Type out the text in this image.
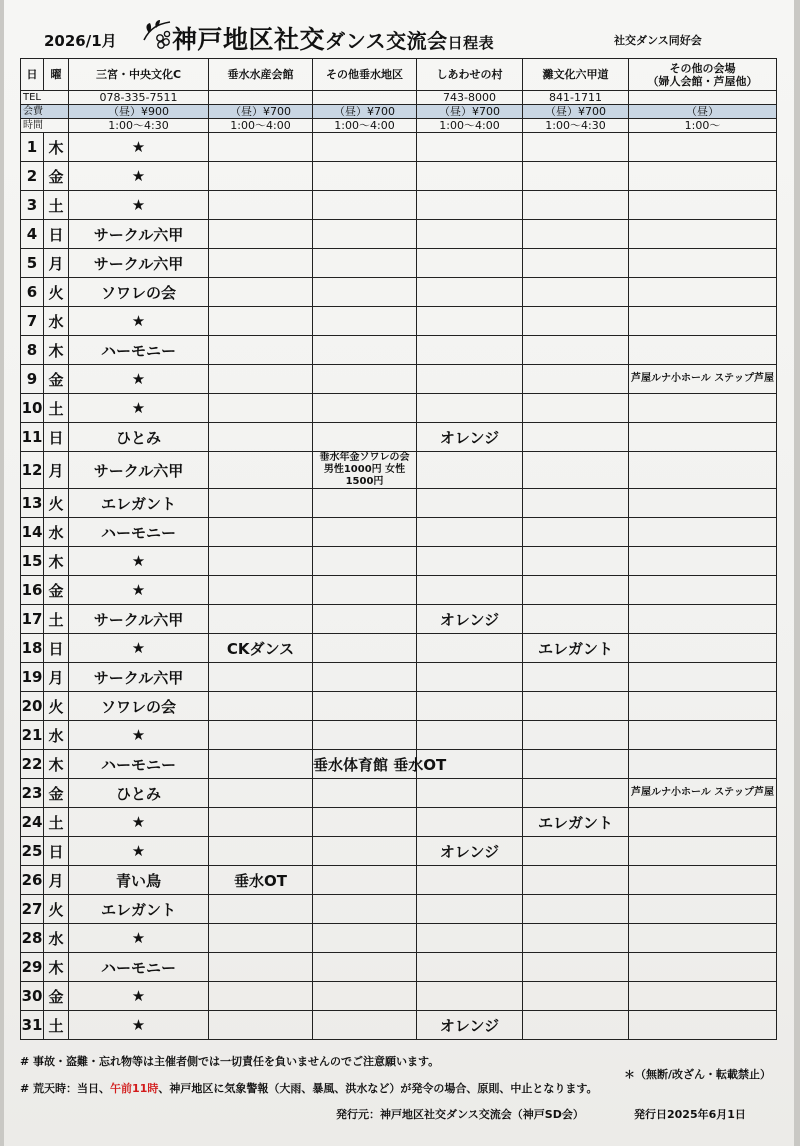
2026/1月 神戸地区社交ダンス交流会日程表	社交ダンス同好会
日	曜	三宮・中央文化C	垂水水産会館	その他垂水地区	しあわせの村	灘文化六甲道	その他の会場
（婦人会館・芦屋他）
TEL		078-335-7511			743-8000	841-1711	
会費		（昼）¥900	（昼）¥700	（昼）¥700	（昼）¥700	（昼）¥700	（昼）
時間		1:00〜4:30	1:00〜4:00	1:00〜4:00	1:00〜4:00	1:00〜4:30	1:00〜
1	木	★					
2	金	★					
3	土	★					
4	日	サークル六甲					
5	月	サークル六甲					
6	火	ソワレの会					
7	水	★					
8	木	ハーモニー					
9	金	★					芦屋ルナ小ホール ステップ芦屋
10	土	★					
11	日	ひとみ			オレンジ		
12	月	サークル六甲		垂水年金ソワレの会 男性1000円 女性1500円			
13	火	エレガント					
14	水	ハーモニー					
15	木	★					
16	金	★					
17	土	サークル六甲			オレンジ		
18	日	★	CKダンス			エレガント	
19	月	サークル六甲					
20	火	ソワレの会					
21	水	★					
22	木	ハーモニー		垂水体育館 垂水OT			
23	金	ひとみ					芦屋ルナ小ホール ステップ芦屋
24	土	★				エレガント	
25	日	★			オレンジ		
26	月	青い鳥	垂水OT				
27	火	エレガント					
28	水	★					
29	木	ハーモニー					
30	金	★					
31	土	★			オレンジ		
# 事故・盗難・忘れ物等は主催者側では一切責任を負いませんのでご注意願います。
＊（無断/改ざん・転載禁止）
# 荒天時：当日、午前11時、神戸地区に気象警報（大雨、暴風、洪水など）が発令の場合、原則、中止となります。
発行元：神戸地区社交ダンス交流会（神戸SD会）	発行日2025年6月1日
